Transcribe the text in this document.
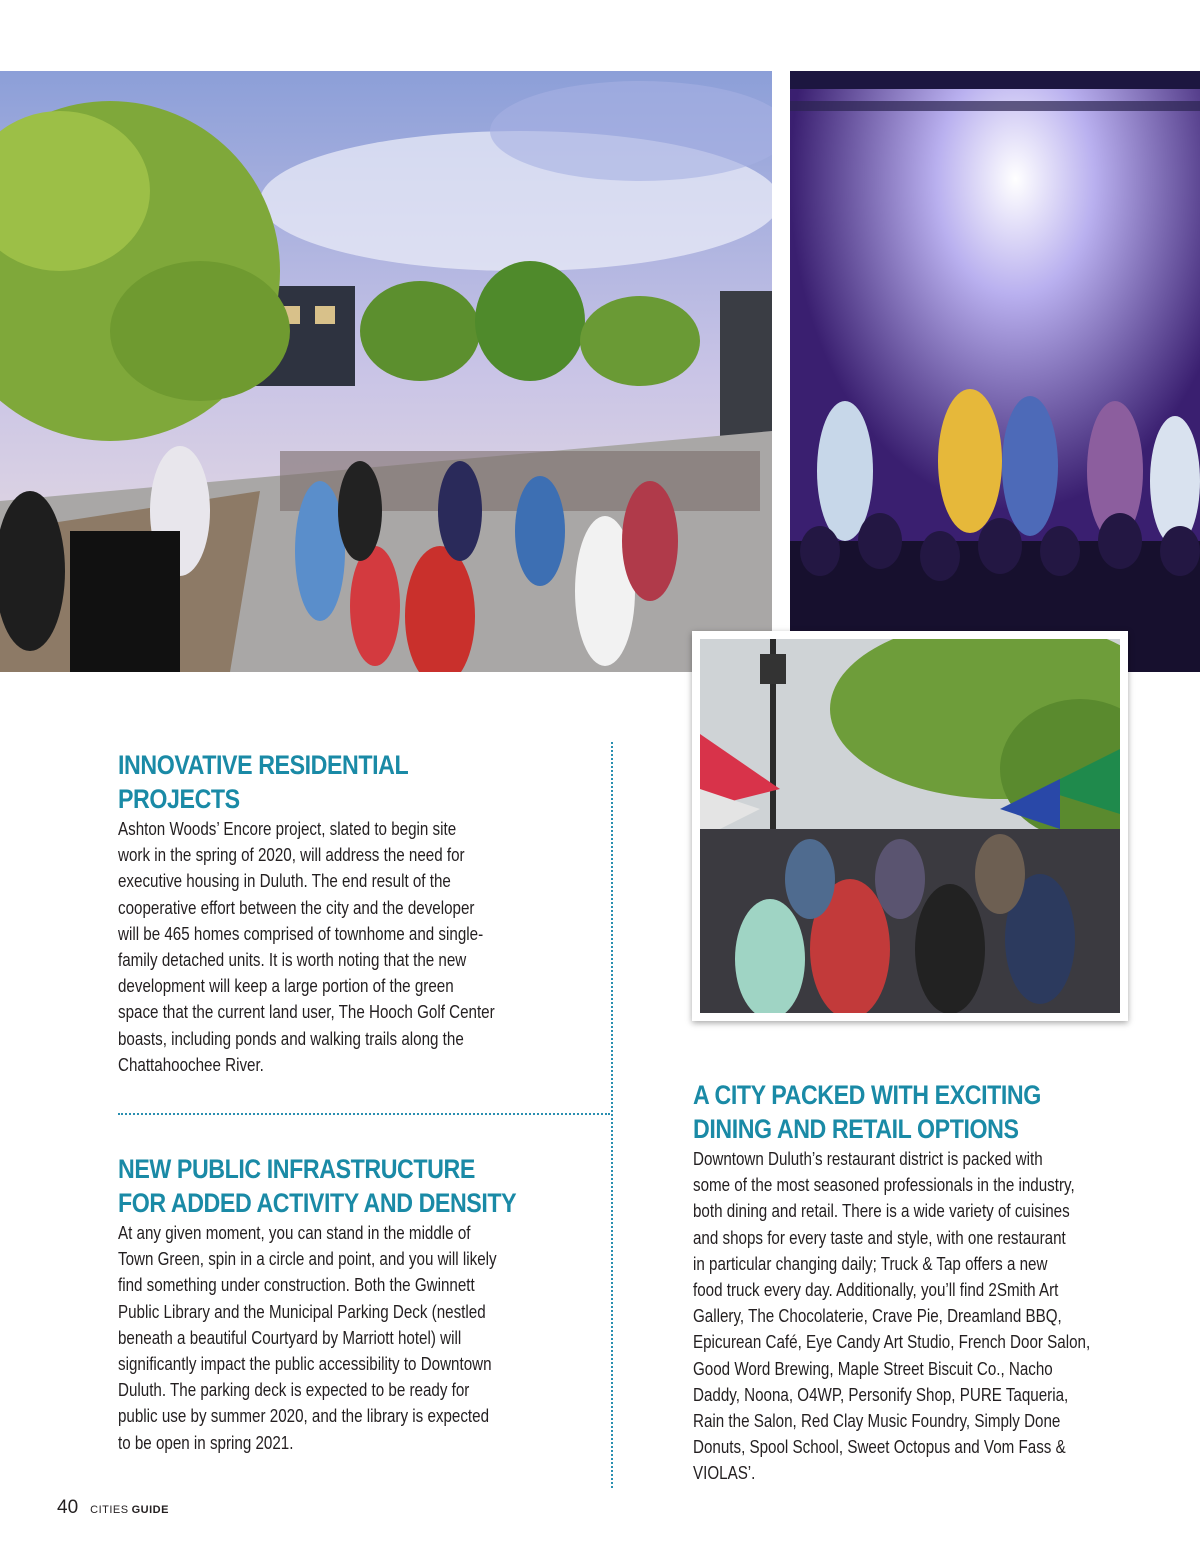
INNOVATIVE RESIDENTIAL
PROJECTS
Ashton Woods’ Encore project, slated to begin site
work in the spring of 2020, will address the need for
executive housing in Duluth. The end result of the
cooperative effort between the city and the developer
will be 465 homes comprised of townhome and single-
family detached units. It is worth noting that the new
development will keep a large portion of the green
space that the current land user, The Hooch Golf Center
boasts, including ponds and walking trails along the
Chattahoochee River.
NEW PUBLIC INFRASTRUCTURE
FOR ADDED ACTIVITY AND DENSITY
At any given moment, you can stand in the middle of
Town Green, spin in a circle and point, and you will likely
find something under construction. Both the Gwinnett
Public Library and the Municipal Parking Deck (nestled
beneath a beautiful Courtyard by Marriott hotel) will
significantly impact the public accessibility to Downtown
Duluth. The parking deck is expected to be ready for
public use by summer 2020, and the library is expected
to be open in spring 2021.
A CITY PACKED WITH EXCITING
DINING AND RETAIL OPTIONS
Downtown Duluth’s restaurant district is packed with
some of the most seasoned professionals in the industry,
both dining and retail. There is a wide variety of cuisines
and shops for every taste and style, with one restaurant
in particular changing daily; Truck & Tap offers a new
food truck every day. Additionally, you’ll find 2Smith Art
Gallery, The Chocolaterie, Crave Pie, Dreamland BBQ,
Epicurean Café, Eye Candy Art Studio, French Door Salon,
Good Word Brewing, Maple Street Biscuit Co., Nacho
Daddy, Noona, O4WP, Personify Shop, PURE Taqueria,
Rain the Salon, Red Clay Music Foundry, Simply Done
Donuts, Spool School, Sweet Octopus and Vom Fass &
VIOLAS’.
40 CITIES GUIDE
